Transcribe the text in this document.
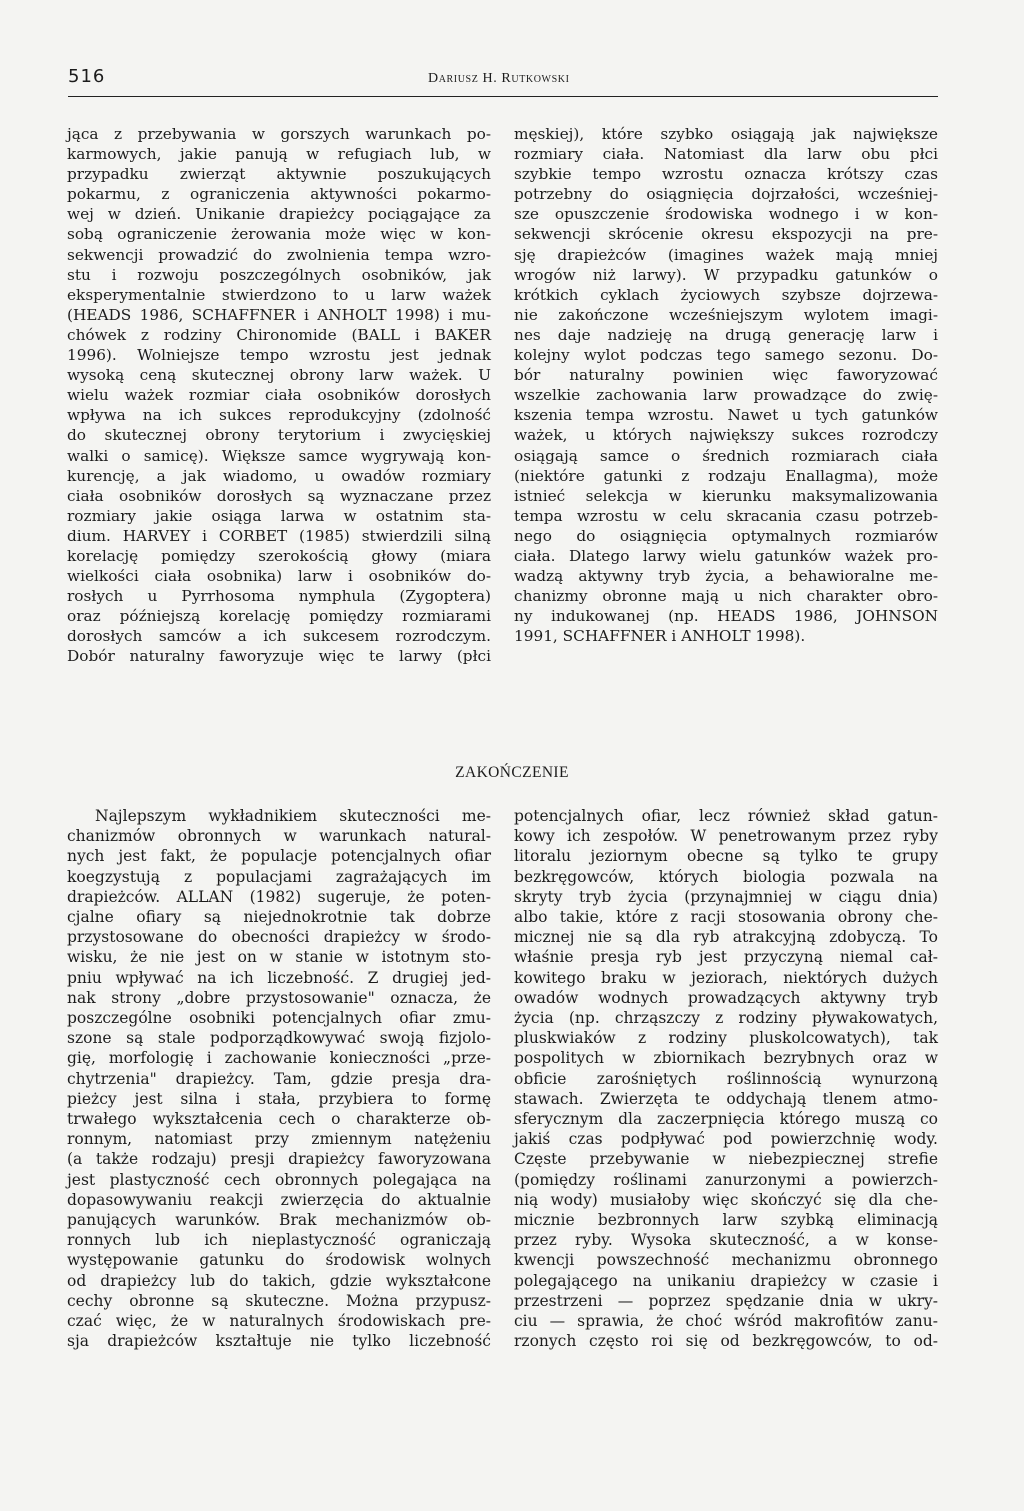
516	Dariusz H. Rutkowski
jąca z przebywania w gorszych warunkach po-
karmowych, jakie panują w refugiach lub, w
przypadku zwierząt aktywnie poszukujących
pokarmu, z ograniczenia aktywności pokarmo-
wej w dzień. Unikanie drapieżcy pociągające za
sobą ograniczenie żerowania może więc w kon-
sekwencji prowadzić do zwolnienia tempa wzro-
stu i rozwoju poszczególnych osobników, jak
eksperymentalnie stwierdzono to u larw ważek
(HEADS 1986, SCHAFFNER i ANHOLT 1998) i mu-
chówek z rodziny Chironomide (BALL i BAKER
1996). Wolniejsze tempo wzrostu jest jednak
wysoką ceną skutecznej obrony larw ważek. U
wielu ważek rozmiar ciała osobników dorosłych
wpływa na ich sukces reprodukcyjny (zdolność
do skutecznej obrony terytorium i zwycięskiej
walki o samicę). Większe samce wygrywają kon-
kurencję, a jak wiadomo, u owadów rozmiary
ciała osobników dorosłych są wyznaczane przez
rozmiary jakie osiąga larwa w ostatnim sta-
dium. HARVEY i CORBET (1985) stwierdzili silną
korelację pomiędzy szerokością głowy (miara
wielkości ciała osobnika) larw i osobników do-
rosłych u Pyrrhosoma nymphula (Zygoptera)
oraz późniejszą korelację pomiędzy rozmiarami
dorosłych samców a ich sukcesem rozrodczym.
Dobór naturalny faworyzuje więc te larwy (płci
męskiej), które szybko osiągają jak największe
rozmiary ciała. Natomiast dla larw obu płci
szybkie tempo wzrostu oznacza krótszy czas
potrzebny do osiągnięcia dojrzałości, wcześniej-
sze opuszczenie środowiska wodnego i w kon-
sekwencji skrócenie okresu ekspozycji na pre-
sję drapieżców (imagines ważek mają mniej
wrogów niż larwy). W przypadku gatunków o
krótkich cyklach życiowych szybsze dojrzewa-
nie zakończone wcześniejszym wylotem imagi-
nes daje nadzieję na drugą generację larw i
kolejny wylot podczas tego samego sezonu. Do-
bór naturalny powinien więc faworyzować
wszelkie zachowania larw prowadzące do zwię-
kszenia tempa wzrostu. Nawet u tych gatunków
ważek, u których największy sukces rozrodczy
osiągają samce o średnich rozmiarach ciała
(niektóre gatunki z rodzaju Enallagma), może
istnieć selekcja w kierunku maksymalizowania
tempa wzrostu w celu skracania czasu potrzeb-
nego do osiągnięcia optymalnych rozmiarów
ciała. Dlatego larwy wielu gatunków ważek pro-
wadzą aktywny tryb życia, a behawioralne me-
chanizmy obronne mają u nich charakter obro-
ny indukowanej (np. HEADS 1986, JOHNSON
1991, SCHAFFNER i ANHOLT 1998).
ZAKOŃCZENIE
Najlepszym wykładnikiem skuteczności me-
chanizmów obronnych w warunkach natural-
nych jest fakt, że populacje potencjalnych ofiar
koegzystują z populacjami zagrażających im
drapieżców. ALLAN (1982) sugeruje, że poten-
cjalne ofiary są niejednokrotnie tak dobrze
przystosowane do obecności drapieżcy w środo-
wisku, że nie jest on w stanie w istotnym sto-
pniu wpływać na ich liczebność. Z drugiej jed-
nak strony „dobre przystosowanie" oznacza, że
poszczególne osobniki potencjalnych ofiar zmu-
szone są stale podporządkowywać swoją fizjolo-
gię, morfologię i zachowanie konieczności „prze-
chytrzenia" drapieżcy. Tam, gdzie presja dra-
pieżcy jest silna i stała, przybiera to formę
trwałego wykształcenia cech o charakterze ob-
ronnym, natomiast przy zmiennym natężeniu
(a także rodzaju) presji drapieżcy faworyzowana
jest plastyczność cech obronnych polegająca na
dopasowywaniu reakcji zwierzęcia do aktualnie
panujących warunków. Brak mechanizmów ob-
ronnych lub ich nieplastyczność ograniczają
występowanie gatunku do środowisk wolnych
od drapieżcy lub do takich, gdzie wykształcone
cechy obronne są skuteczne. Można przypusz-
czać więc, że w naturalnych środowiskach pre-
sja drapieżców kształtuje nie tylko liczebność
potencjalnych ofiar, lecz również skład gatun-
kowy ich zespołów. W penetrowanym przez ryby
litoralu jeziornym obecne są tylko te grupy
bezkręgowców, których biologia pozwala na
skryty tryb życia (przynajmniej w ciągu dnia)
albo takie, które z racji stosowania obrony che-
micznej nie są dla ryb atrakcyjną zdobyczą. To
właśnie presja ryb jest przyczyną niemal cał-
kowitego braku w jeziorach, niektórych dużych
owadów wodnych prowadzących aktywny tryb
życia (np. chrząszczy z rodziny pływakowatych,
pluskwiaków z rodziny pluskolcowatych), tak
pospolitych w zbiornikach bezrybnych oraz w
obficie zarośniętych roślinnością wynurzoną
stawach. Zwierzęta te oddychają tlenem atmo-
sferycznym dla zaczerpnięcia którego muszą co
jakiś czas podpływać pod powierzchnię wody.
Częste przebywanie w niebezpiecznej strefie
(pomiędzy roślinami zanurzonymi a powierzch-
nią wody) musiałoby więc skończyć się dla che-
micznie bezbronnych larw szybką eliminacją
przez ryby. Wysoka skuteczność, a w konse-
kwencji powszechność mechanizmu obronnego
polegającego na unikaniu drapieżcy w czasie i
przestrzeni — poprzez spędzanie dnia w ukry-
ciu — sprawia, że choć wśród makrofitów zanu-
rzonych często roi się od bezkręgowców, to od-
